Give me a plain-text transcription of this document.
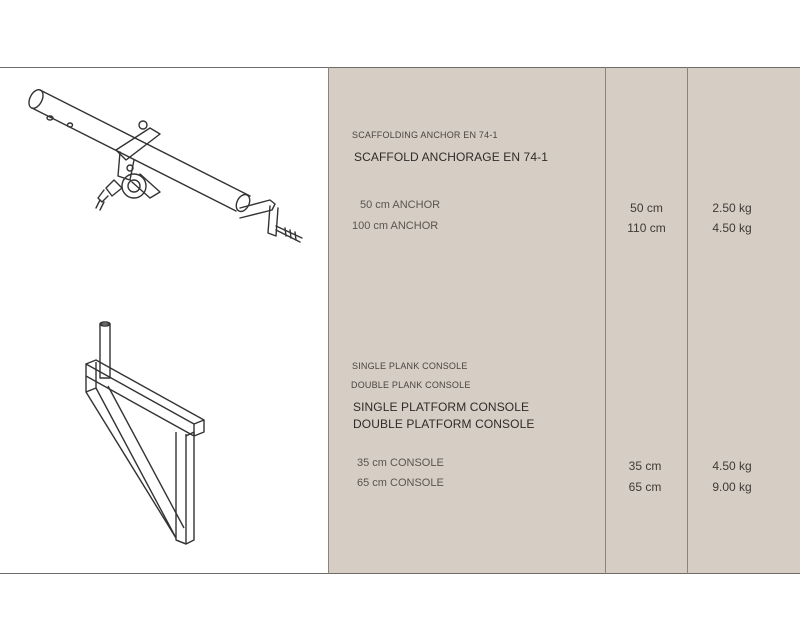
SCAFFOLDING ANCHOR EN 74-1
SCAFFOLD ANCHORAGE EN 74-1
50 cm ANCHOR
100 cm ANCHOR
50 cm
110 cm
2.50 kg
4.50 kg
SINGLE PLANK CONSOLE
DOUBLE PLANK CONSOLE
SINGLE PLATFORM CONSOLE
DOUBLE PLATFORM CONSOLE
35 cm CONSOLE
65 cm CONSOLE
35 cm
65 cm
4.50 kg
9.00 kg
